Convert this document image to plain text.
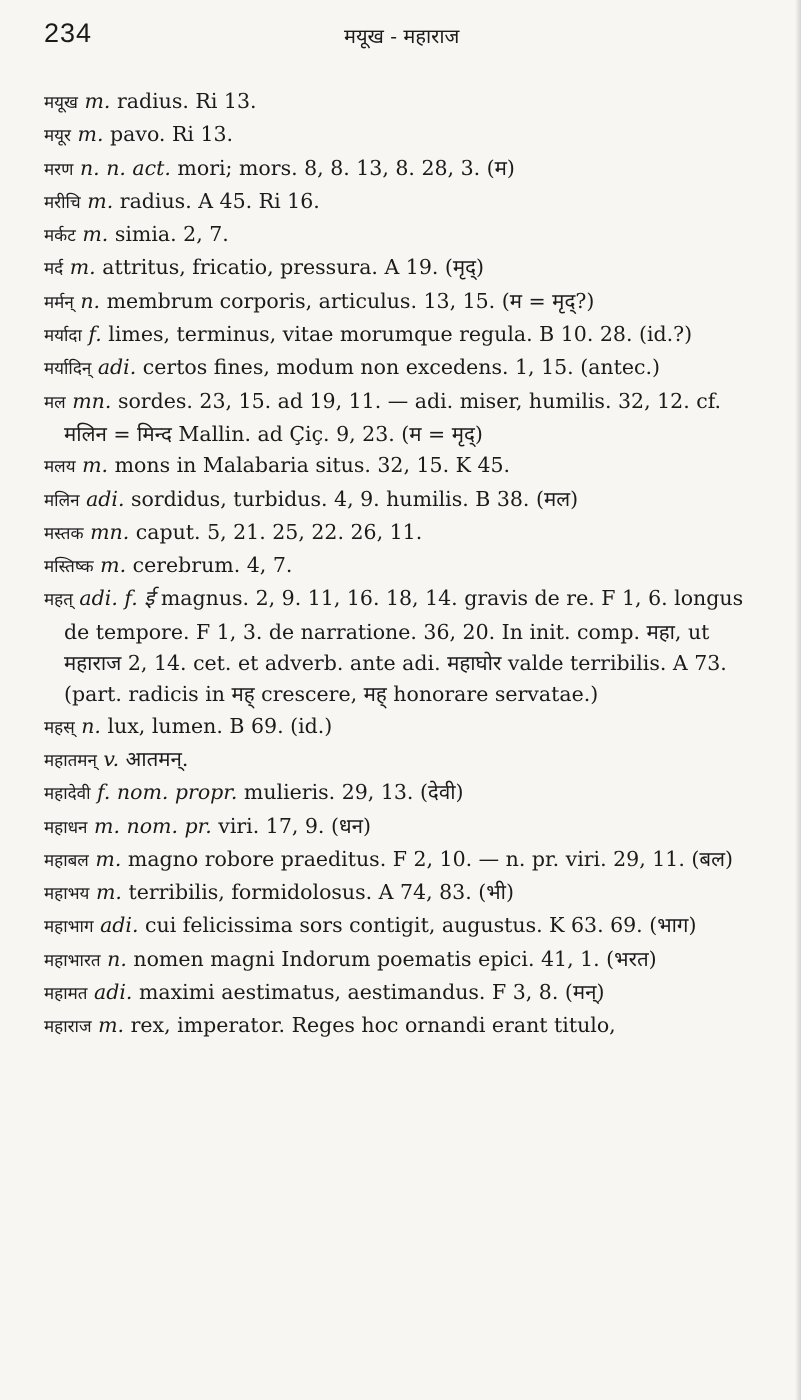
234	मयूख - महाराज

मयूख m. radius. Ri 13.

मयूर m. pavo. Ri 13.

मरण n. n. act. mori; mors. 8, 8. 13, 8. 28, 3. (म)

मरीचि m. radius. A 45. Ri 16.

मर्कट m. simia. 2, 7.

मर्द m. attritus, fricatio, pressura. A 19. (मृद्)

मर्मन् n. membrum corporis, articulus. 13, 15. (म = मृद्?)

मर्यादा f. limes, terminus, vitae morumque regula. B 10. 28. (id.?)

मर्यादिन् adi. certos fines, modum non excedens. 1, 15. (antec.)

मल mn. sordes. 23, 15. ad 19, 11. — adi. miser, humilis. 32, 12. cf. मलिन = मिन्द Mallin. ad Çiç. 9, 23. (म = मृद्)

मलय m. mons in Malabaria situs. 32, 15. K 45.

मलिन adi. sordidus, turbidus. 4, 9. humilis. B 38. (मल)

मस्तक mn. caput. 5, 21. 25, 22. 26, 11.

मस्तिष्क m. cerebrum. 4, 7.

महत् adi. f. ई magnus. 2, 9. 11, 16. 18, 14. gravis de re. F 1, 6. longus de tempore. F 1, 3. de narratione. 36, 20. In init. comp. महा, ut महाराज 2, 14. cet. et adverb. ante adi. महाघोर valde terribilis. A 73. (part. radicis in मह् crescere, मह् honorare servatae.)

महस् n. lux, lumen. B 69. (id.)

महातमन् v. आतमन्.

महादेवी f. nom. propr. mulieris. 29, 13. (देवी)

महाधन m. nom. pr. viri. 17, 9. (धन)

महाबल m. magno robore praeditus. F 2, 10. — n. pr. viri. 29, 11. (बल)

महाभय m. terribilis, formidolosus. A 74, 83. (भी)

महाभाग adi. cui felicissima sors contigit, augustus. K 63. 69. (भाग)

महाभारत n. nomen magni Indorum poematis epici. 41, 1. (भरत)

महामत adi. maximi aestimatus, aestimandus. F 3, 8. (मन्)

महाराज m. rex, imperator. Reges hoc ornandi erant titulo,
